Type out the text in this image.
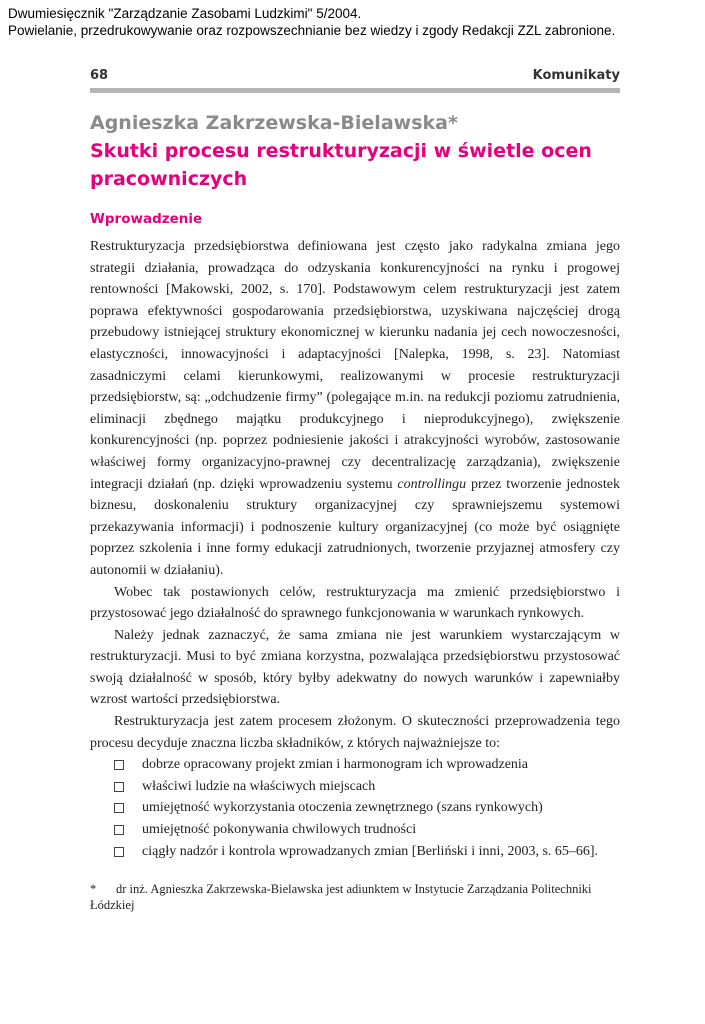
Dwumiesięcznik "Zarządzanie Zasobami Ludzkimi" 5/2004.
Powielanie, przedrukowywanie oraz rozpowszechnianie bez wiedzy i zgody Redakcji ZZL zabronione.
68	Komunikaty
Agnieszka Zakrzewska-Bielawska*
Skutki procesu restrukturyzacji w świetle ocen pracowniczych
Wprowadzenie

Restrukturyzacja przedsiębiorstwa definiowana jest często jako radykalna zmiana jego strategii działania, prowadząca do odzyskania konkurencyjności na rynku i progowej rentowności [Makowski, 2002, s. 170]. Podstawowym celem restrukturyzacji jest zatem poprawa efektywności gospodarowania przedsiębiorstwa, uzyskiwana najczęściej drogą przebudowy istniejącej struktury ekonomicznej w kierunku nadania jej cech nowoczesności, elastyczności, innowacyjności i adaptacyjności [Nalepka, 1998, s. 23]. Natomiast zasadniczymi celami kierunkowymi, realizowanymi w procesie restrukturyzacji przedsiębiorstw, są: „odchudzenie firmy” (polegające m.in. na redukcji poziomu zatrudnienia, eliminacji zbędnego majątku produkcyjnego i nieprodukcyjnego), zwiększenie konkurencyjności (np. poprzez podniesienie jakości i atrakcyjności wyrobów, zastosowanie właściwej formy organizacyjno-prawnej czy decentralizację zarządzania), zwiększenie integracji działań (np. dzięki wprowadzeniu systemu controllingu przez tworzenie jednostek biznesu, doskonaleniu struktury organizacyjnej czy sprawniejszemu systemowi przekazywania informacji) i podnoszenie kultury organizacyjnej (co może być osiągnięte poprzez szkolenia i inne formy edukacji zatrudnionych, tworzenie przyjaznej atmosfery czy autonomii w działaniu).

Wobec tak postawionych celów, restrukturyzacja ma zmienić przedsiębiorstwo i przystosować jego działalność do sprawnego funkcjonowania w warunkach rynkowych.

Należy jednak zaznaczyć, że sama zmiana nie jest warunkiem wystarczającym w restrukturyzacji. Musi to być zmiana korzystna, pozwalająca przedsiębiorstwu przystosować swoją działalność w sposób, który byłby adekwatny do nowych warunków i zapewniałby wzrost wartości przedsiębiorstwa.

Restrukturyzacja jest zatem procesem złożonym. O skuteczności przeprowadzenia tego procesu decyduje znaczna liczba składników, z których najważniejsze to:

dobrze opracowany projekt zmian i harmonogram ich wprowadzenia
właściwi ludzie na właściwych miejscach
umiejętność wykorzystania otoczenia zewnętrznego (szans rynkowych)
umiejętność pokonywania chwilowych trudności
ciągły nadzór i kontrola wprowadzanych zmian [Berliński i inni, 2003, s. 65–66].
* dr inż. Agnieszka Zakrzewska-Bielawska jest adiunktem w Instytucie Zarządzania Politechniki Łódzkiej
